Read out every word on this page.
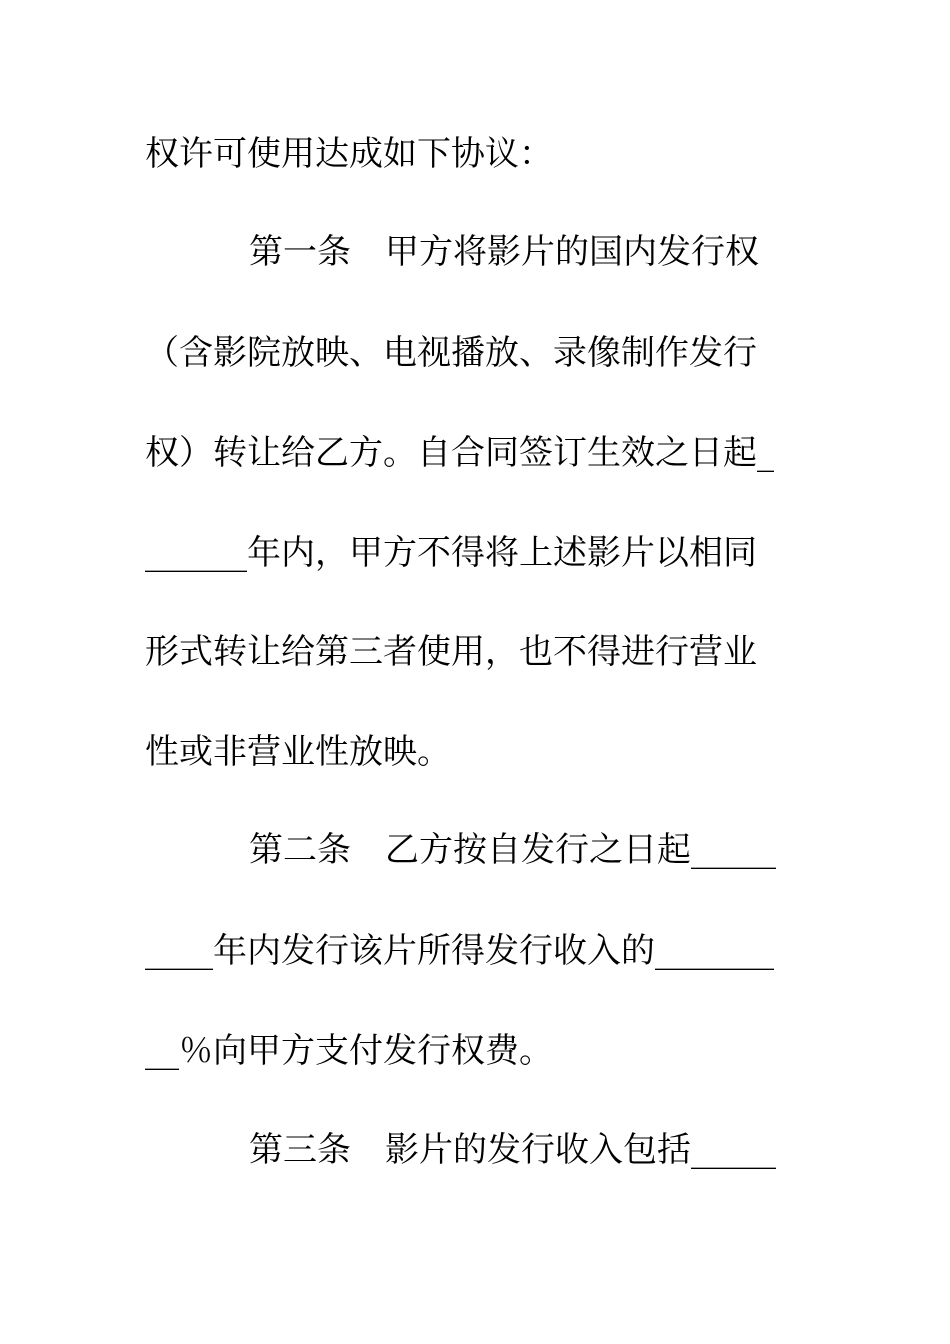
权许可使用达成如下协议：
第一条　甲方将影片的国内发行权
（含影院放映、电视播放、录像制作发行
权）转让给乙方。自合同签订生效之日起_
______年内，甲方不得将上述影片以相同
形式转让给第三者使用，也不得进行营业
性或非营业性放映。
第二条　乙方按自发行之日起_____
____年内发行该片所得发行收入的_______
__％向甲方支付发行权费。
第三条　影片的发行收入包括_____
